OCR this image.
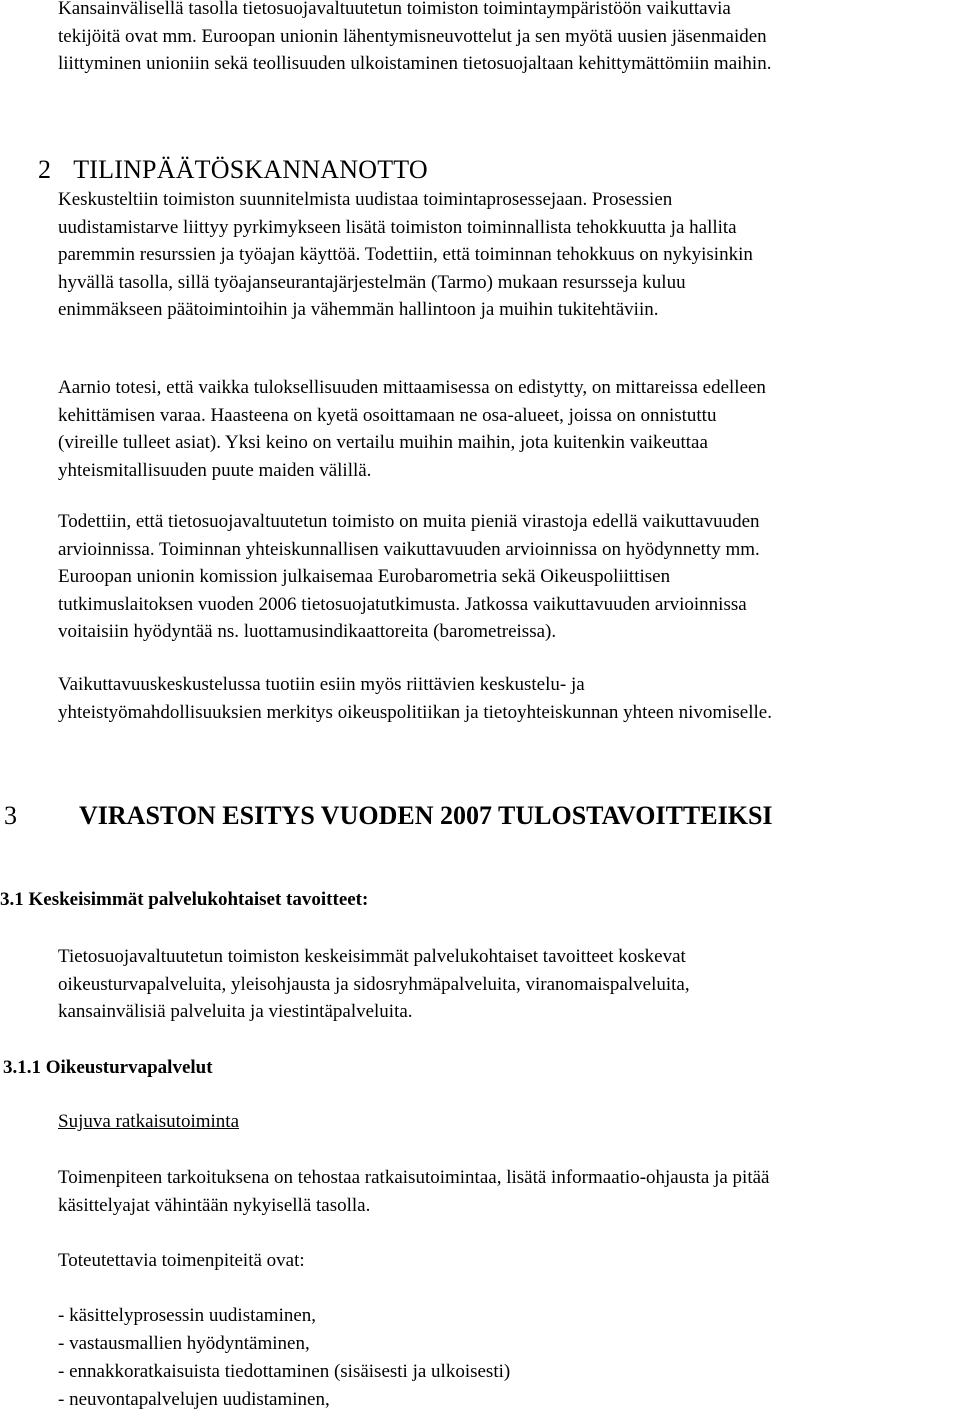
Kansainvälisellä tasolla tietosuojavaltuutetun toimiston toimintaympäristöön vaikuttavia
tekijöitä ovat mm. Euroopan unionin lähentymisneuvottelut ja sen myötä uusien jäsenmaiden
liittyminen unioniin sekä teollisuuden ulkoistaminen tietosuojaltaan kehittymättömiin maihin.
2 TILINPÄÄTÖSKANNANOTTO
Keskusteltiin toimiston suunnitelmista uudistaa toimintaprosessejaan. Prosessien
uudistamistarve liittyy pyrkimykseen lisätä toimiston toiminnallista tehokkuutta ja hallita
paremmin resurssien ja työajan käyttöä. Todettiin, että toiminnan tehokkuus on nykyisinkin
hyvällä tasolla, sillä työajanseurantajärjestelmän (Tarmo) mukaan resursseja kuluu
enimmäkseen päätoimintoihin ja vähemmän hallintoon ja muihin tukitehtäviin.
Aarnio totesi, että vaikka tuloksellisuuden mittaamisessa on edistytty, on mittareissa edelleen
kehittämisen varaa. Haasteena on kyetä osoittamaan ne osa-alueet, joissa on onnistuttu
(vireille tulleet asiat). Yksi keino on vertailu muihin maihin, jota kuitenkin vaikeuttaa
yhteismitallisuuden puute maiden välillä.
Todettiin, että tietosuojavaltuutetun toimisto on muita pieniä virastoja edellä vaikuttavuuden
arvioinnissa. Toiminnan yhteiskunnallisen vaikuttavuuden arvioinnissa on hyödynnetty mm.
Euroopan unionin komission julkaisemaa Eurobarometria sekä Oikeuspoliittisen
tutkimuslaitoksen vuoden 2006 tietosuojatutkimusta. Jatkossa vaikuttavuuden arvioinnissa
voitaisiin hyödyntää ns. luottamusindikaattoreita (barometreissa).
Vaikuttavuuskeskustelussa tuotiin esiin myös riittävien keskustelu- ja
yhteistyömahdollisuuksien merkitys oikeuspolitiikan ja tietoyhteiskunnan yhteen nivomiselle.
3 VIRASTON ESITYS VUODEN 2007 TULOSTAVOITTEIKSI
3.1 Keskeisimmät palvelukohtaiset tavoitteet:
Tietosuojavaltuutetun toimiston keskeisimmät palvelukohtaiset tavoitteet koskevat
oikeusturvapalveluita, yleisohjausta ja sidosryhmäpalveluita, viranomaispalveluita,
kansainvälisiä palveluita ja viestintäpalveluita.
3.1.1 Oikeusturvapalvelut
Sujuva ratkaisutoiminta
Toimenpiteen tarkoituksena on tehostaa ratkaisutoimintaa, lisätä informaatio-ohjausta ja pitää
käsittelyajat vähintään nykyisellä tasolla.
Toteutettavia toimenpiteitä ovat:
- käsittelyprosessin uudistaminen,
- vastausmallien hyödyntäminen,
- ennakkoratkaisuista tiedottaminen (sisäisesti ja ulkoisesti)
- neuvontapalvelujen uudistaminen,
